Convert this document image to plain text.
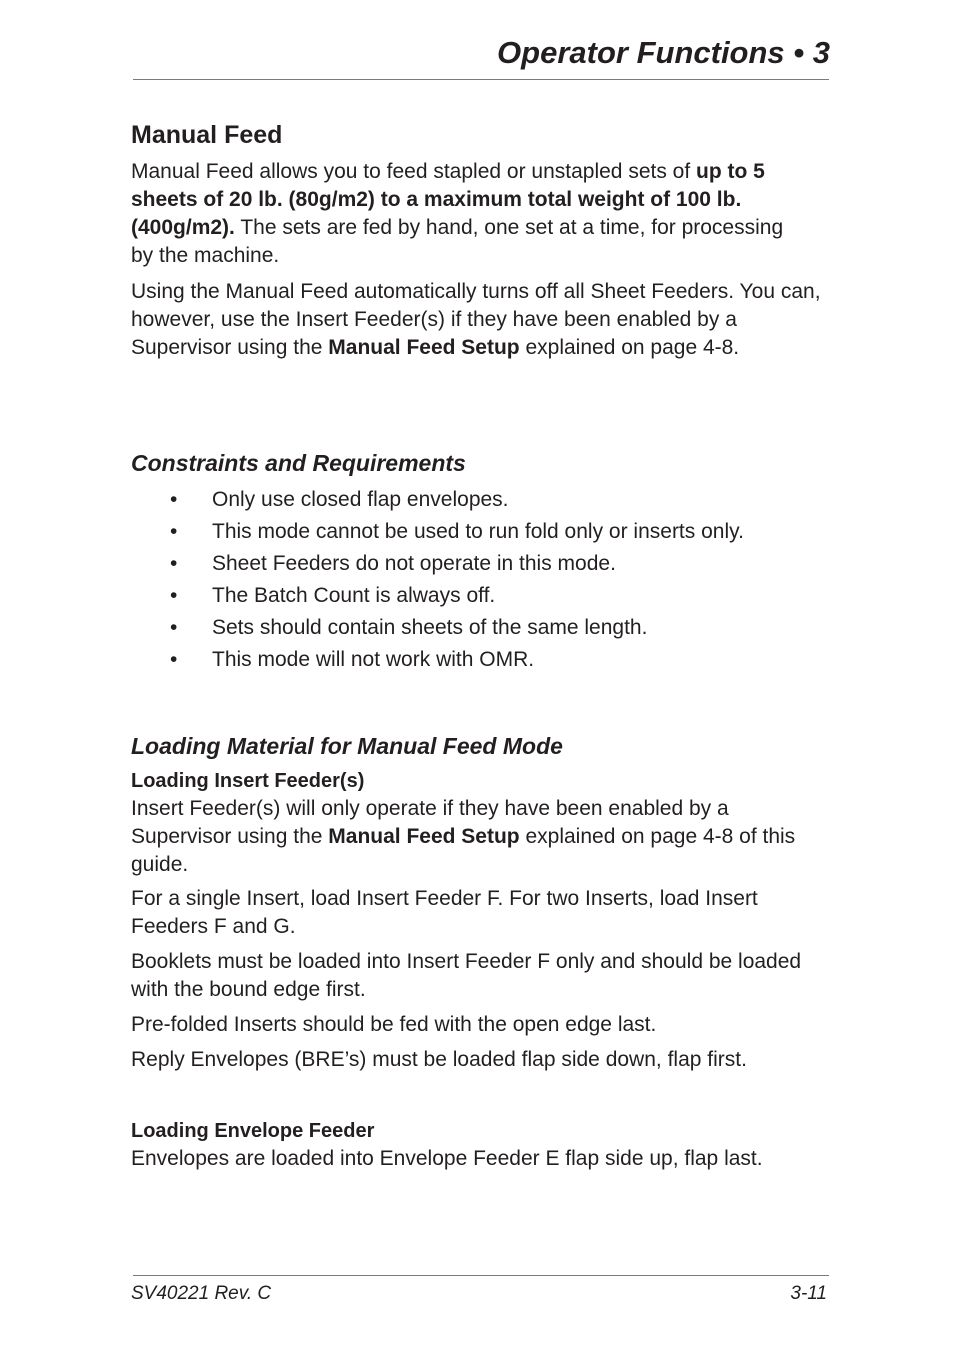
Operator Functions • 3
Manual Feed
Manual Feed allows you to feed stapled or unstapled sets of up to 5 sheets of 20 lb. (80g/m2) to a maximum total weight of 100 lb. (400g/m2). The sets are fed by hand, one set at a time, for processing by the machine.
Using the Manual Feed automatically turns off all Sheet Feeders. You can, however, use the Insert Feeder(s) if they have been enabled by a Supervisor using the Manual Feed Setup explained on page 4-8.
Constraints and Requirements
• Only use closed flap envelopes.
• This mode cannot be used to run fold only or inserts only.
• Sheet Feeders do not operate in this mode.
• The Batch Count is always off.
• Sets should contain sheets of the same length.
• This mode will not work with OMR.
Loading Material for Manual Feed Mode
Loading Insert Feeder(s)
Insert Feeder(s) will only operate if they have been enabled by a Supervisor using the Manual Feed Setup explained on page 4-8 of this guide.
For a single Insert, load Insert Feeder F. For two Inserts, load Insert Feeders F and G.
Booklets must be loaded into Insert Feeder F only and should be loaded with the bound edge first.
Pre-folded Inserts should be fed with the open edge last.
Reply Envelopes (BRE’s) must be loaded flap side down, flap first.
Loading Envelope Feeder
Envelopes are loaded into Envelope Feeder E flap side up, flap last.
SV40221 Rev. C	3-11
